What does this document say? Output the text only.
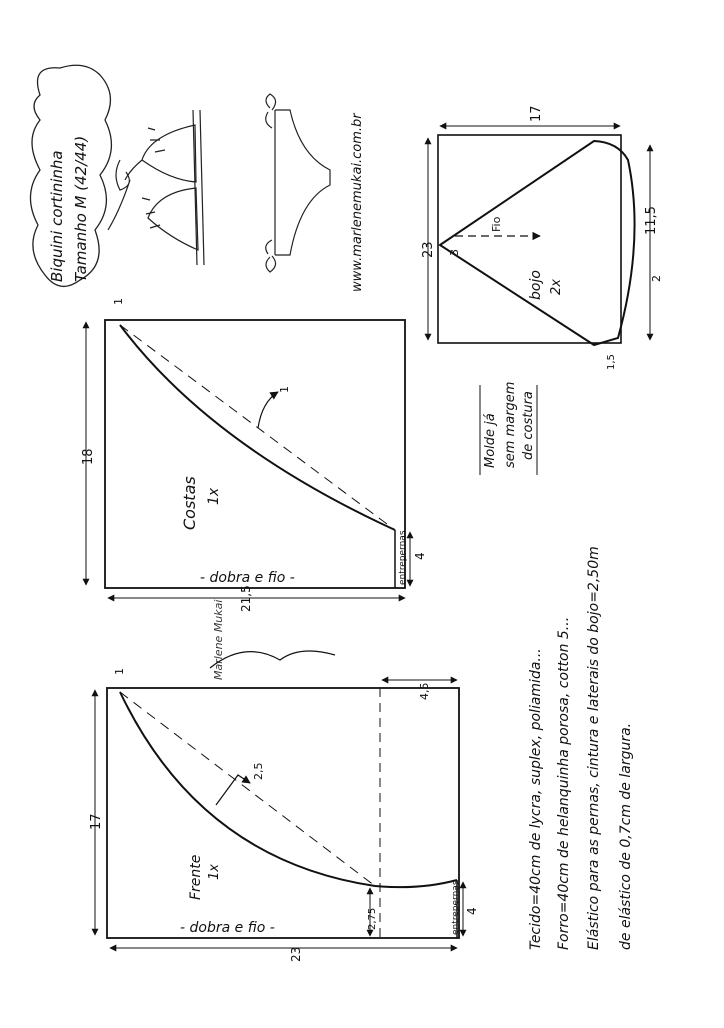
Biquini cortininha Tamanho M (42/44)	www.marlenemukai.com.br	Fio
bojo 2x
17
23 3
11,5
2
1,5
Molde já sem margem de costura
1
1
Costas 1x
- dobra e fio -	entrepernas
18
21,5
4
Marlene Mukai
2,5
1
Frente 1x
- dobra e fio -	entrepernas
17
23
4,5
2,75	4	Tecido=40cm de lycra, suplex, poliamida... Forro=40cm de helanquinha porosa, cotton 5... Elástico para as pernas, cintura e laterais do bojo=2,50m de elástico de 0,7cm de largura.
